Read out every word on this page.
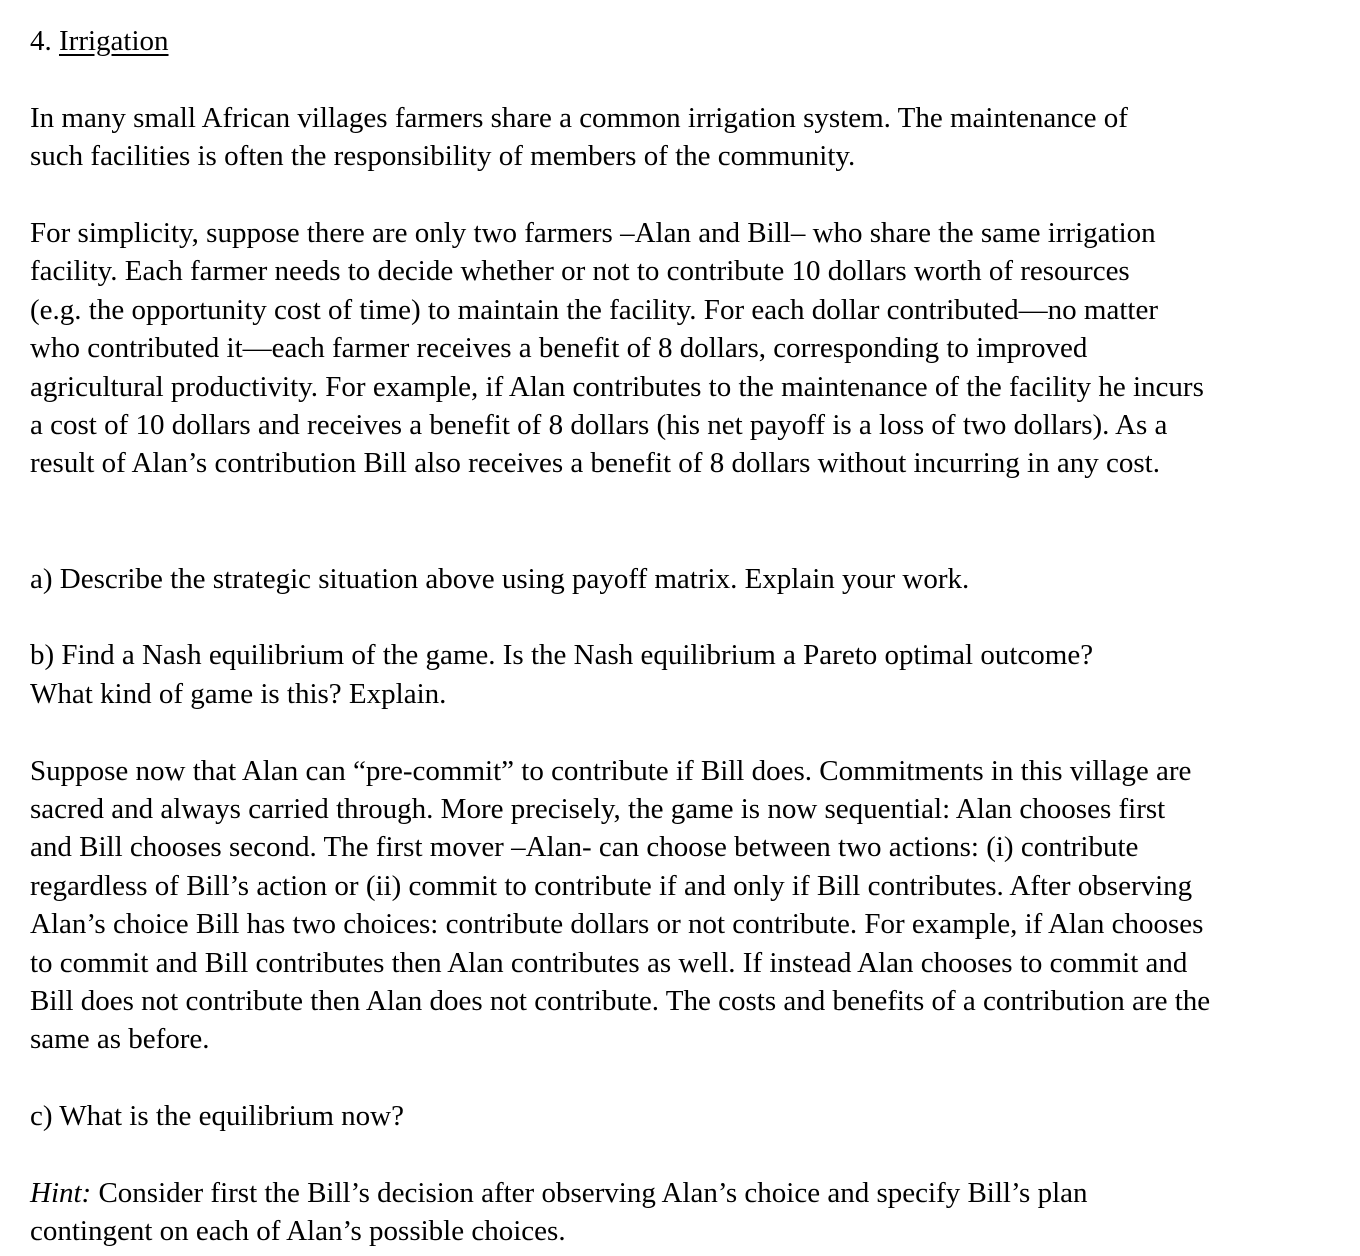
4. Irrigation

In many small African villages farmers share a common irrigation system. The maintenance of
such facilities is often the responsibility of members of the community.

For simplicity, suppose there are only two farmers –Alan and Bill– who share the same irrigation
facility. Each farmer needs to decide whether or not to contribute 10 dollars worth of resources
(e.g. the opportunity cost of time) to maintain the facility. For each dollar contributed—no matter
who contributed it—each farmer receives a benefit of 8 dollars, corresponding to improved
agricultural productivity. For example, if Alan contributes to the maintenance of the facility he incurs
a cost of 10 dollars and receives a benefit of 8 dollars (his net payoff is a loss of two dollars). As a
result of Alan’s contribution Bill also receives a benefit of 8 dollars without incurring in any cost.

a) Describe the strategic situation above using payoff matrix. Explain your work.

b) Find a Nash equilibrium of the game. Is the Nash equilibrium a Pareto optimal outcome?
What kind of game is this? Explain.

Suppose now that Alan can “pre-commit” to contribute if Bill does. Commitments in this village are
sacred and always carried through. More precisely, the game is now sequential: Alan chooses first
and Bill chooses second. The first mover –Alan- can choose between two actions: (i) contribute
regardless of Bill’s action or (ii) commit to contribute if and only if Bill contributes. After observing
Alan’s choice Bill has two choices: contribute dollars or not contribute. For example, if Alan chooses
to commit and Bill contributes then Alan contributes as well. If instead Alan chooses to commit and
Bill does not contribute then Alan does not contribute. The costs and benefits of a contribution are the
same as before.

c) What is the equilibrium now?

Hint: Consider first the Bill’s decision after observing Alan’s choice and specify Bill’s plan
contingent on each of Alan’s possible choices.
